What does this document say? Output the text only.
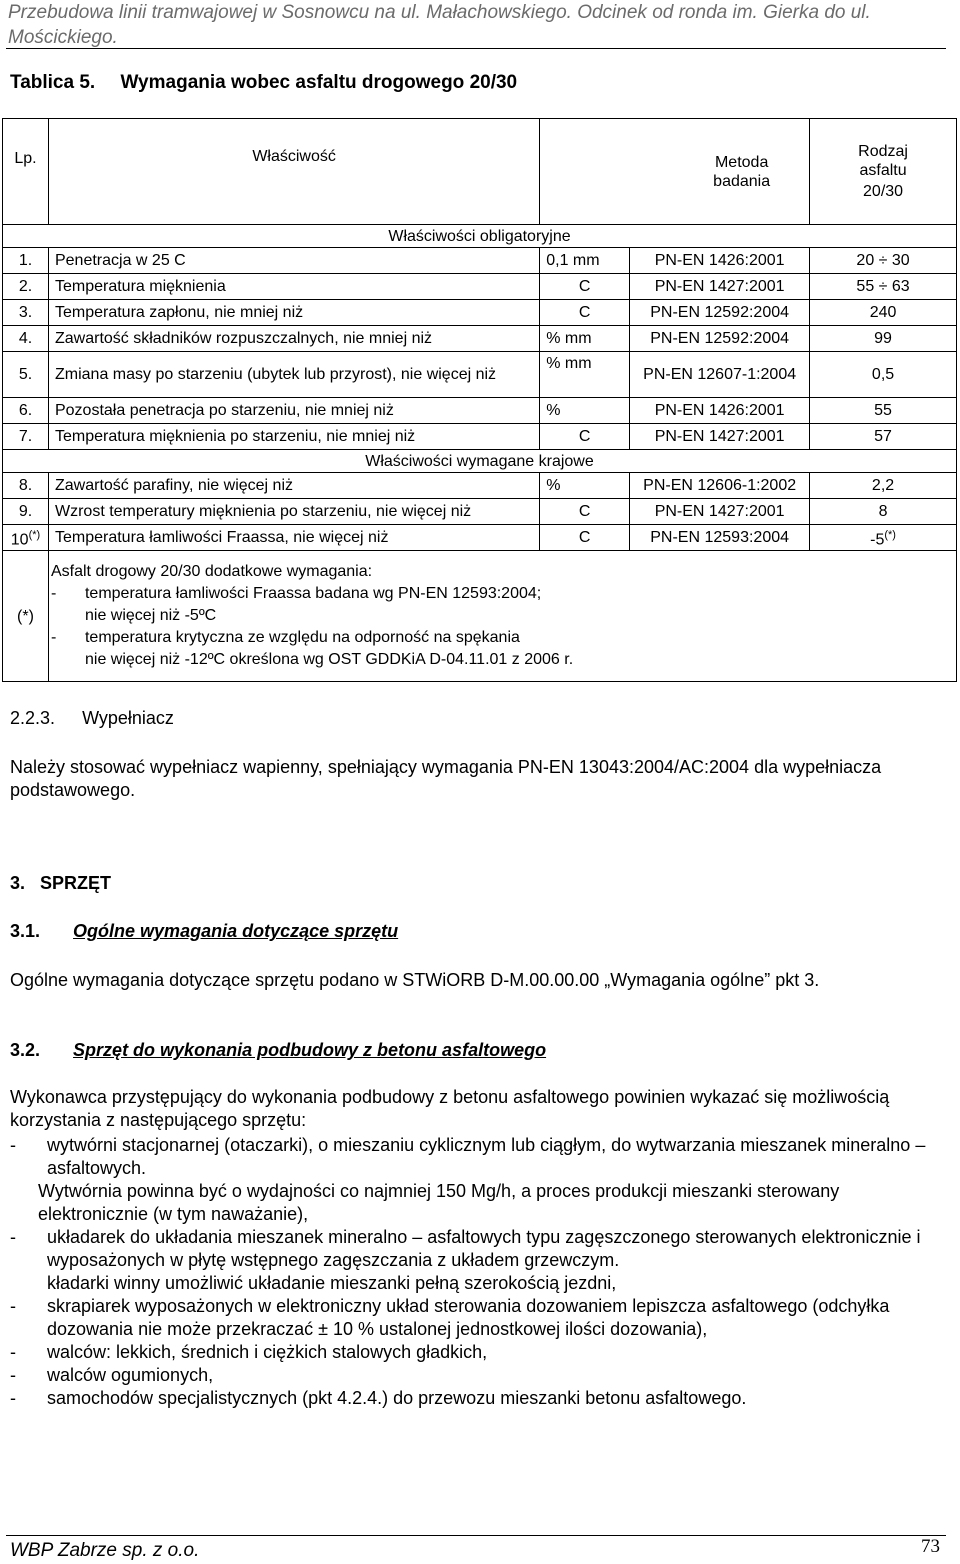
Przebudowa linii tramwajowej w Sosnowcu na ul. Małachowskiego. Odcinek od ronda im. Gierka do ul. Mościckiego.
Tablica 5. Wymagania wobec asfaltu drogowego 20/30
Lp.	Właściwość	Metoda badania		Rodzaj asfaltu
20/30

Właściwości obligatoryjne				
1.	Penetracja w 25 C	0,1 mm	PN-EN 1426:2001	20 ÷ 30
2.	Temperatura mięknienia	C	PN-EN 1427:2001	55 ÷ 63
3.	Temperatura zapłonu, nie mniej niż	C	PN-EN 12592:2004	240
4.	Zawartość składników rozpuszczalnych, nie mniej niż	% mm	PN-EN 12592:2004	99
5.	Zmiana masy po starzeniu (ubytek lub przyrost), nie więcej niż	% mm	PN-EN 12607-1:2004	0,5
6.	Pozostała penetracja po starzeniu, nie mniej niż	%	PN-EN 1426:2001	55
7.	Temperatura mięknienia po starzeniu, nie mniej niż	C	PN-EN 1427:2001	57
Właściwości wymagane krajowe				
8.	Zawartość parafiny, nie więcej niż	%	PN-EN 12606-1:2002	2,2
9.	Wzrost temperatury mięknienia po starzeniu, nie więcej niż	C	PN-EN 1427:2001	8
10(*)	Temperatura łamliwości Fraassa, nie więcej niż	C	PN-EN 12593:2004	-5(*)
(*)	Asfalt drogowy 20/30 dodatkowe wymagania:
- temperatura łamliwości Fraassa badana wg PN-EN 12593:2004;
nie więcej niż -5ºC
- temperatura krytyczna ze względu na odporność na spękania
nie więcej niż -12ºC określona wg OST GDDKiA D-04.11.01 z 2006 r.			
2.2.3. Wypełniacz
Należy stosować wypełniacz wapienny, spełniający wymagania PN-EN 13043:2004/AC:2004 dla wypełniacza podstawowego.
3. SPRZĘT
3.1. Ogólne wymagania dotyczące sprzętu
Ogólne wymagania dotyczące sprzętu podano w STWiORB D-M.00.00.00 „Wymagania ogólne” pkt 3.
3.2. Sprzęt do wykonania podbudowy z betonu asfaltowego
Wykonawca przystępujący do wykonania podbudowy z betonu asfaltowego powinien wykazać się możliwością korzystania z następującego sprzętu:
-	wytwórni stacjonarnej (otaczarki), o mieszaniu cyklicznym lub ciągłym, do wytwarzania mieszanek mineralno – asfaltowych.
Wytwórnia powinna być o wydajności co najmniej 150 Mg/h, a proces produkcji mieszanki sterowany elektronicznie (w tym naważanie),
-	układarek do układania mieszanek mineralno – asfaltowych typu zagęszczonego sterowanych elektronicznie i wyposażonych w płytę wstępnego zagęszczania z układem grzewczym.
kładarki winny umożliwić układanie mieszanki pełną szerokością jezdni,
-	skrapiarek wyposażonych w elektroniczny układ sterowania dozowaniem lepiszcza asfaltowego (odchyłka dozowania nie może przekraczać ± 10 % ustalonej jednostkowej ilości dozowania),
-	walców: lekkich, średnich i ciężkich stalowych gładkich,
-	walców ogumionych,
-	samochodów specjalistycznych (pkt 4.2.4.) do przewozu mieszanki betonu asfaltowego.
WBP Zabrze sp. z o.o.	73
